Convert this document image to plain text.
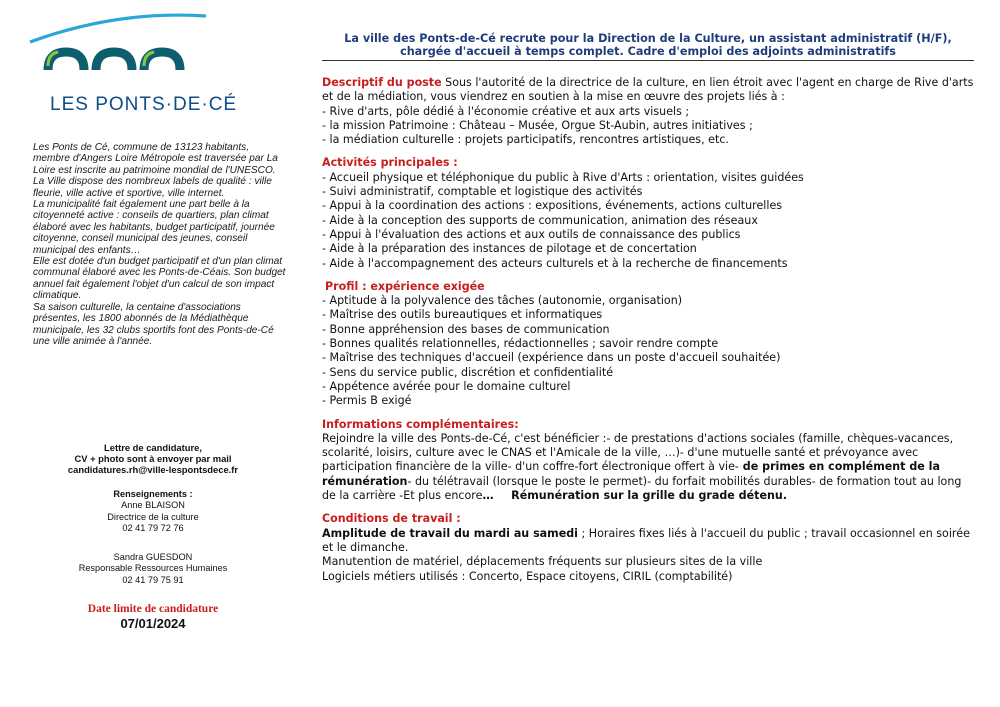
LES PONTS·DE·CÉ

Les Ponts de Cé, commune de 13123 habitants, membre d'Angers Loire Métropole est traversée par La Loire est inscrite au patrimoine mondial de l'UNESCO.

La Ville dispose des nombreux labels de qualité : ville fleurie, ville active et sportive, ville internet.

La municipalité fait également une part belle à la citoyenneté active : conseils de quartiers, plan climat élaboré avec les habitants, budget participatif, journée citoyenne, conseil municipal des jeunes, conseil municipal des enfants…

Elle est dotée d'un budget participatif et d'un plan climat communal élaboré avec les Ponts-de-Céais. Son budget annuel fait également l'objet d'un calcul de son impact climatique.

Sa saison culturelle, la centaine d'associations présentes, les 1800 abonnés de la Médiathèque municipale, les 32 clubs sportifs font des Ponts-de-Cé une ville animée à l'année.

Lettre de candidature,
CV + photo sont à envoyer par mail
candidatures.rh@ville-lespontsdece.fr
Renseignements :
Anne BLAISON
Directrice de la culture
02 41 79 72 76
Sandra GUESDON
Responsable Ressources Humaines
02 41 79 75 91
Date limite de candidature
07/01/2024
La ville des Ponts-de-Cé recrute pour la Direction de la Culture, un assistant administratif (H/F),
chargée d'accueil à temps complet. Cadre d'emploi des adjoints administratifs

Descriptif du poste Sous l'autorité de la directrice de la culture, en lien étroit avec l'agent en charge de Rive d'arts et de la médiation, vous viendrez en soutien à la mise en œuvre des projets liés à :

- Rive d'arts, pôle dédié à l'économie créative et aux arts visuels ;

- la mission Patrimoine : Château – Musée, Orgue St-Aubin, autres initiatives ;

- la médiation culturelle : projets participatifs, rencontres artistiques, etc.

Activités principales :

- Accueil physique et téléphonique du public à Rive d'Arts : orientation, visites guidées

- Suivi administratif, comptable et logistique des activités

- Appui à la coordination des actions : expositions, événements, actions culturelles

- Aide à la conception des supports de communication, animation des réseaux

- Appui à l'évaluation des actions et aux outils de connaissance des publics

- Aide à la préparation des instances de pilotage et de concertation

- Aide à l'accompagnement des acteurs culturels et à la recherche de financements

Profil : expérience exigée

- Aptitude à la polyvalence des tâches (autonomie, organisation)

- Maîtrise des outils bureautiques et informatiques

- Bonne appréhension des bases de communication

- Bonnes qualités relationnelles, rédactionnelles ; savoir rendre compte

- Maîtrise des techniques d'accueil (expérience dans un poste d'accueil souhaitée)

- Sens du service public, discrétion et confidentialité

- Appétence avérée pour le domaine culturel

- Permis B exigé

Informations complémentaires:

Rejoindre la ville des Ponts-de-Cé, c'est bénéficier :- de prestations d'actions sociales (famille, chèques-vacances, scolarité, loisirs, culture avec le CNAS et l'Amicale de la ville, …)- d'une mutuelle santé et prévoyance avec participation financière de la ville- d'un coffre-fort électronique offert à vie- de primes en complément de la rémunération- du télétravail (lorsque le poste le permet)- du forfait mobilités durables- de formation tout au long de la carrière -Et plus encore… Rémunération sur la grille du grade détenu.

Conditions de travail :

Amplitude de travail du mardi au samedi ; Horaires fixes liés à l'accueil du public ; travail occasionnel en soirée et le dimanche.

Manutention de matériel, déplacements fréquents sur plusieurs sites de la ville

Logiciels métiers utilisés : Concerto, Espace citoyens, CIRIL (comptabilité)
